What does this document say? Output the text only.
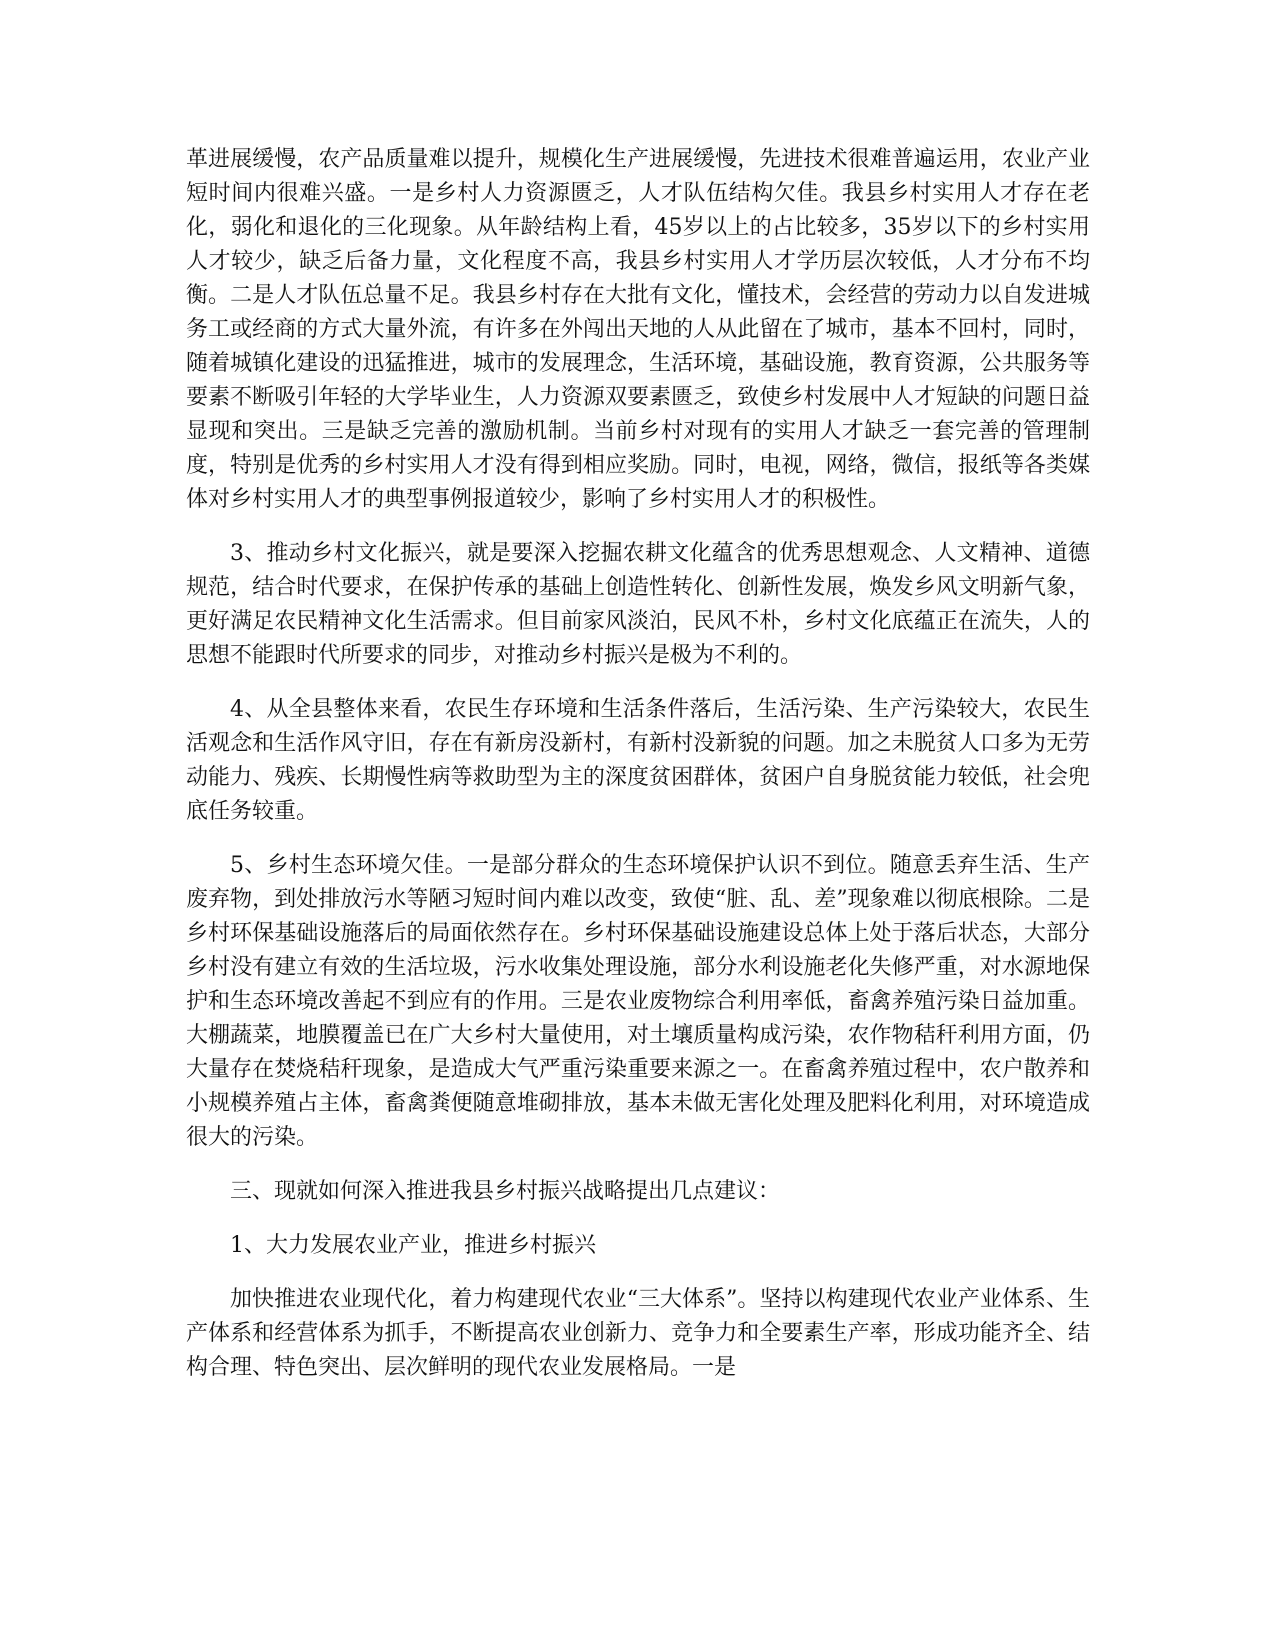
革进展缓慢，农产品质量难以提升，规模化生产进展缓慢，先进技术很难普遍运用，农业产业短时间内很难兴盛。一是乡村人力资源匮乏，人才队伍结构欠佳。我县乡村实用人才存在老化，弱化和退化的三化现象。从年龄结构上看，45岁以上的占比较多，35岁以下的乡村实用人才较少，缺乏后备力量，文化程度不高，我县乡村实用人才学历层次较低，人才分布不均衡。二是人才队伍总量不足。我县乡村存在大批有文化，懂技术，会经营的劳动力以自发进城务工或经商的方式大量外流，有许多在外闯出天地的人从此留在了城市，基本不回村，同时，随着城镇化建设的迅猛推进，城市的发展理念，生活环境，基础设施，教育资源，公共服务等要素不断吸引年轻的大学毕业生，人力资源双要素匮乏，致使乡村发展中人才短缺的问题日益显现和突出。三是缺乏完善的激励机制。当前乡村对现有的实用人才缺乏一套完善的管理制度，特别是优秀的乡村实用人才没有得到相应奖励。同时，电视，网络，微信，报纸等各类媒体对乡村实用人才的典型事例报道较少，影响了乡村实用人才的积极性。

3、推动乡村文化振兴，就是要深入挖掘农耕文化蕴含的优秀思想观念、人文精神、道德规范，结合时代要求，在保护传承的基础上创造性转化、创新性发展，焕发乡风文明新气象，更好满足农民精神文化生活需求。但目前家风淡泊，民风不朴，乡村文化底蕴正在流失，人的思想不能跟时代所要求的同步，对推动乡村振兴是极为不利的。

4、从全县整体来看，农民生存环境和生活条件落后，生活污染、生产污染较大，农民生活观念和生活作风守旧，存在有新房没新村，有新村没新貌的问题。加之未脱贫人口多为无劳动能力、残疾、长期慢性病等救助型为主的深度贫困群体，贫困户自身脱贫能力较低，社会兜底任务较重。

5、乡村生态环境欠佳。一是部分群众的生态环境保护认识不到位。随意丢弃生活、生产废弃物，到处排放污水等陋习短时间内难以改变，致使“脏、乱、差”现象难以彻底根除。二是乡村环保基础设施落后的局面依然存在。乡村环保基础设施建设总体上处于落后状态，大部分乡村没有建立有效的生活垃圾，污水收集处理设施，部分水利设施老化失修严重，对水源地保护和生态环境改善起不到应有的作用。三是农业废物综合利用率低，畜禽养殖污染日益加重。大棚蔬菜，地膜覆盖已在广大乡村大量使用，对土壤质量构成污染，农作物秸秆利用方面，仍大量存在焚烧秸秆现象，是造成大气严重污染重要来源之一。在畜禽养殖过程中，农户散养和小规模养殖占主体，畜禽粪便随意堆砌排放，基本未做无害化处理及肥料化利用，对环境造成很大的污染。

三、现就如何深入推进我县乡村振兴战略提出几点建议：

1、大力发展农业产业，推进乡村振兴

加快推进农业现代化，着力构建现代农业“三大体系”。坚持以构建现代农业产业体系、生产体系和经营体系为抓手，不断提高农业创新力、竞争力和全要素生产率，形成功能齐全、结构合理、特色突出、层次鲜明的现代农业发展格局。一是
